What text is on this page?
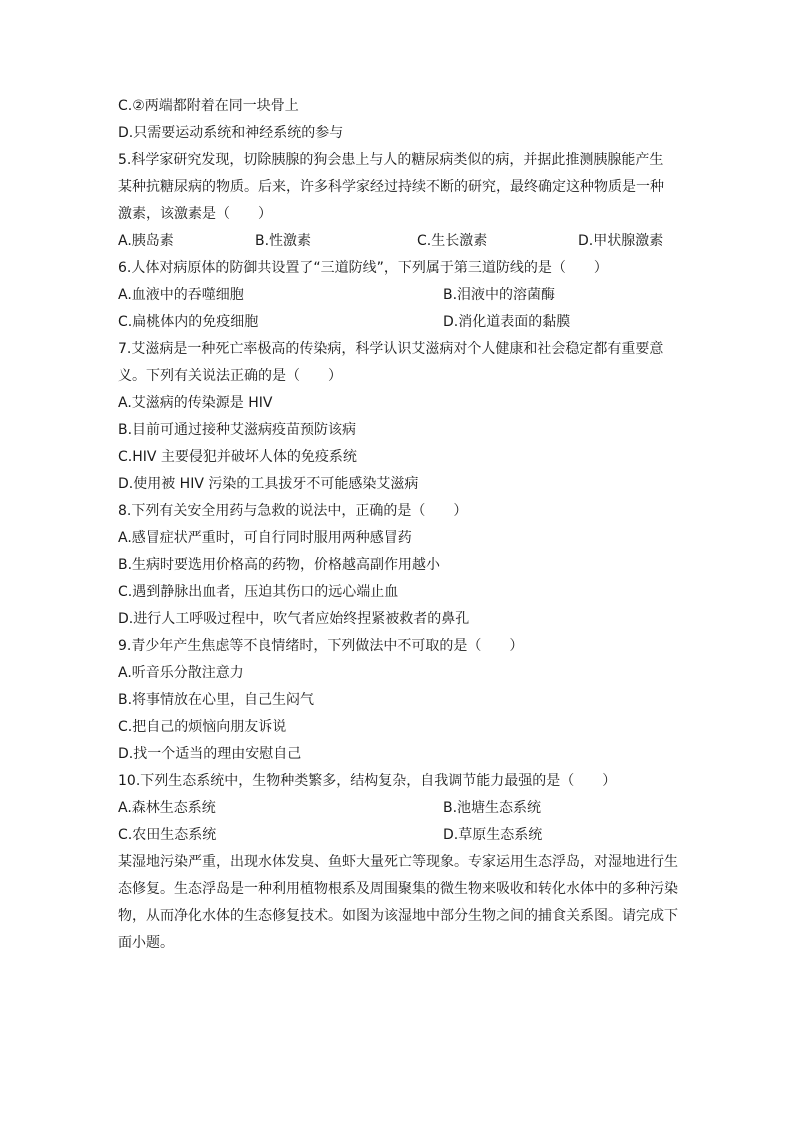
C.②两端都附着在同一块骨上
D.只需要运动系统和神经系统的参与
5.科学家研究发现，切除胰腺的狗会患上与人的糖尿病类似的病，并据此推测胰腺能产生
某种抗糖尿病的物质。后来，许多科学家经过持续不断的研究，最终确定这种物质是一种
激素，该激素是（　　）
A.胰岛素	B.性激素	C.生长激素	D.甲状腺激素
6.人体对病原体的防御共设置了“三道防线”，下列属于第三道防线的是（　　）
A.血液中的吞噬细胞	B.泪液中的溶菌酶
C.扁桃体内的免疫细胞	D.消化道表面的黏膜
7.艾滋病是一种死亡率极高的传染病，科学认识艾滋病对个人健康和社会稳定都有重要意
义。下列有关说法正确的是（　　）
A.艾滋病的传染源是 HIV
B.目前可通过接种艾滋病疫苗预防该病
C.HIV 主要侵犯并破坏人体的免疫系统
D.使用被 HIV 污染的工具拔牙不可能感染艾滋病
8.下列有关安全用药与急救的说法中，正确的是（　　）
A.感冒症状严重时，可自行同时服用两种感冒药
B.生病时要选用价格高的药物，价格越高副作用越小
C.遇到静脉出血者，压迫其伤口的远心端止血
D.进行人工呼吸过程中，吹气者应始终捏紧被救者的鼻孔
9.青少年产生焦虑等不良情绪时，下列做法中不可取的是（　　）
A.听音乐分散注意力
B.将事情放在心里，自己生闷气
C.把自己的烦恼向朋友诉说
D.找一个适当的理由安慰自己
10.下列生态系统中，生物种类繁多，结构复杂，自我调节能力最强的是（　　）
A.森林生态系统	B.池塘生态系统
C.农田生态系统	D.草原生态系统
某湿地污染严重，出现水体发臭、鱼虾大量死亡等现象。专家运用生态浮岛，对湿地进行生
态修复。生态浮岛是一种利用植物根系及周围聚集的微生物来吸收和转化水体中的多种污染
物，从而净化水体的生态修复技术。如图为该湿地中部分生物之间的捕食关系图。请完成下
面小题。
